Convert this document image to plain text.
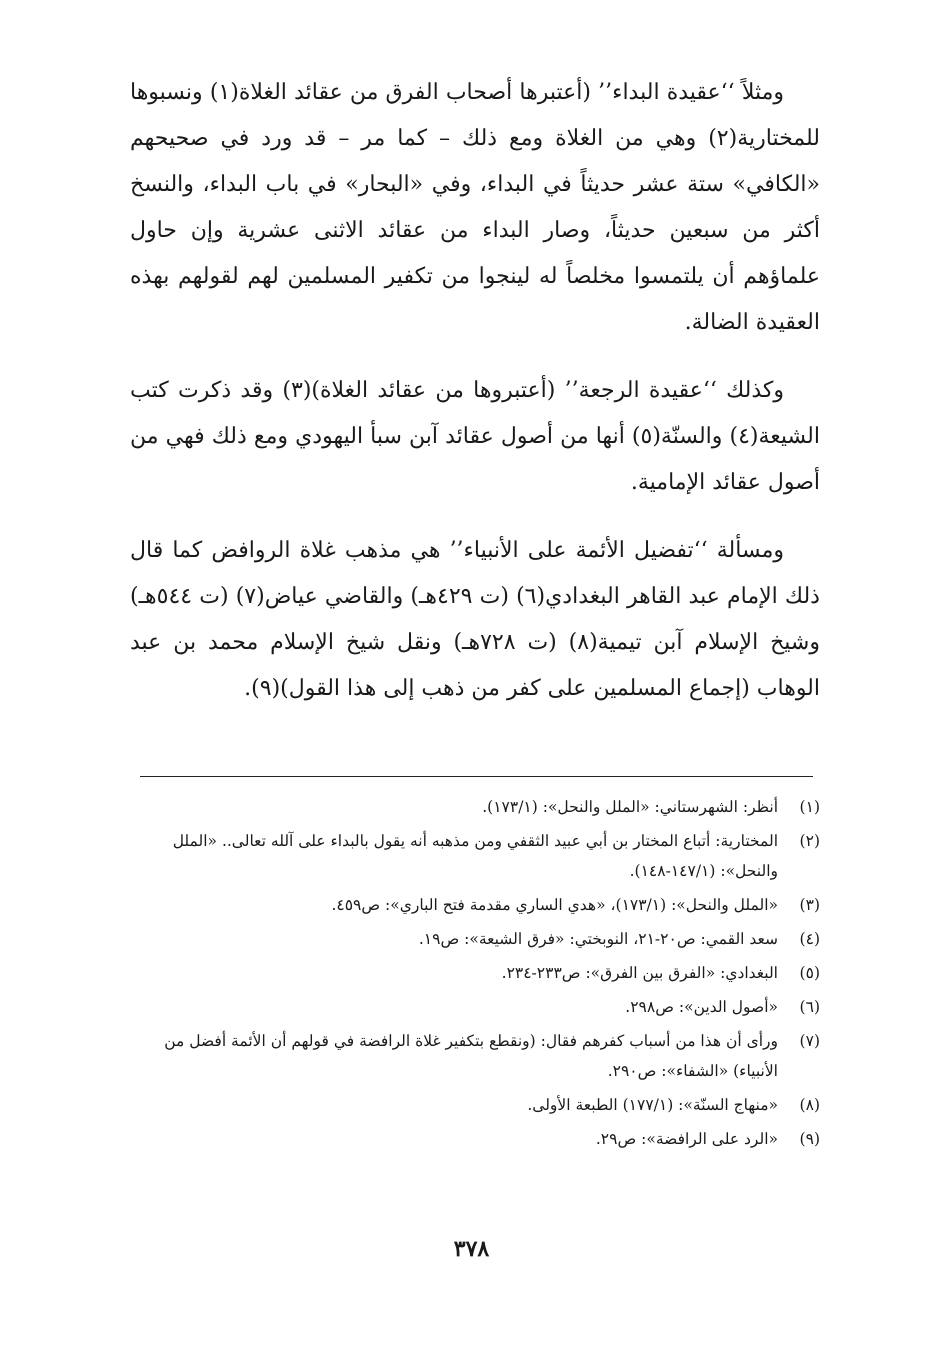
ومثلاً ‘‘عقيدة البداء’’ (أعتبرها أصحاب الفرق من عقائد الغلاة(١) ونسبوها للمختارية(٢) وهي من الغلاة ومع ذلك – كما مر – قد ورد في صحيحهم «الكافي» ستة عشر حديثاً في البداء، وفي «البحار» في باب البداء، والنسخ أكثر من سبعين حديثاً، وصار البداء من عقائد الاثنى عشرية وإن حاول علماؤهم أن يلتمسوا مخلصاً له لينجوا من تكفير المسلمين لهم لقولهم بهذه العقيدة الضالة.

وكذلك ‘‘عقيدة الرجعة’’ (أعتبروها من عقائد الغلاة)(٣) وقد ذكرت كتب الشيعة(٤) والسنّة(٥) أنها من أصول عقائد آبن سبأ اليهودي ومع ذلك فهي من أصول عقائد الإمامية.

ومسألة ‘‘تفضيل الأئمة على الأنبياء’’ هي مذهب غلاة الروافض كما قال ذلك الإمام عبد القاهر البغدادي(٦) (ت ٤٢٩هـ) والقاضي عياض(٧) (ت ٥٤٤هـ) وشيخ الإسلام آبن تيمية(٨) (ت ٧٢٨هـ) ونقل شيخ الإسلام محمد بن عبد الوهاب (إجماع المسلمين على كفر من ذهب إلى هذا القول)(٩).

(١)
أنظر: الشهرستاني: «الملل والنحل»: (١٧٣/١).
(٢)
المختارية: أتباع المختار بن أبي عبيد الثقفي ومن مذهبه أنه يقول بالبداء على آلله تعالى.. «الملل والنحل»: (١٤٧/١-١٤٨).
(٣)
«الملل والنحل»: (١٧٣/١)، «هدي الساري مقدمة فتح الباري»: ص٤٥٩.
(٤)
سعد القمي: ص٢٠-٢١، النوبختي: «فرق الشيعة»: ص١٩.
(٥)
البغدادي: «الفرق بين الفرق»: ص٢٣٣-٢٣٤.
(٦)
«أصول الدين»: ص٢٩٨.
(٧)
ورأى أن هذا من أسباب كفرهم فقال: (ونقطع بتكفير غلاة الرافضة في قولهم أن الأئمة أفضل من الأنبياء) «الشفاء»: ص٢٩٠.
(٨)
«منهاج السنّة»: (١٧٧/١) الطبعة الأولى.
(٩)
«الرد على الرافضة»: ص٢٩.
٣٧٨
